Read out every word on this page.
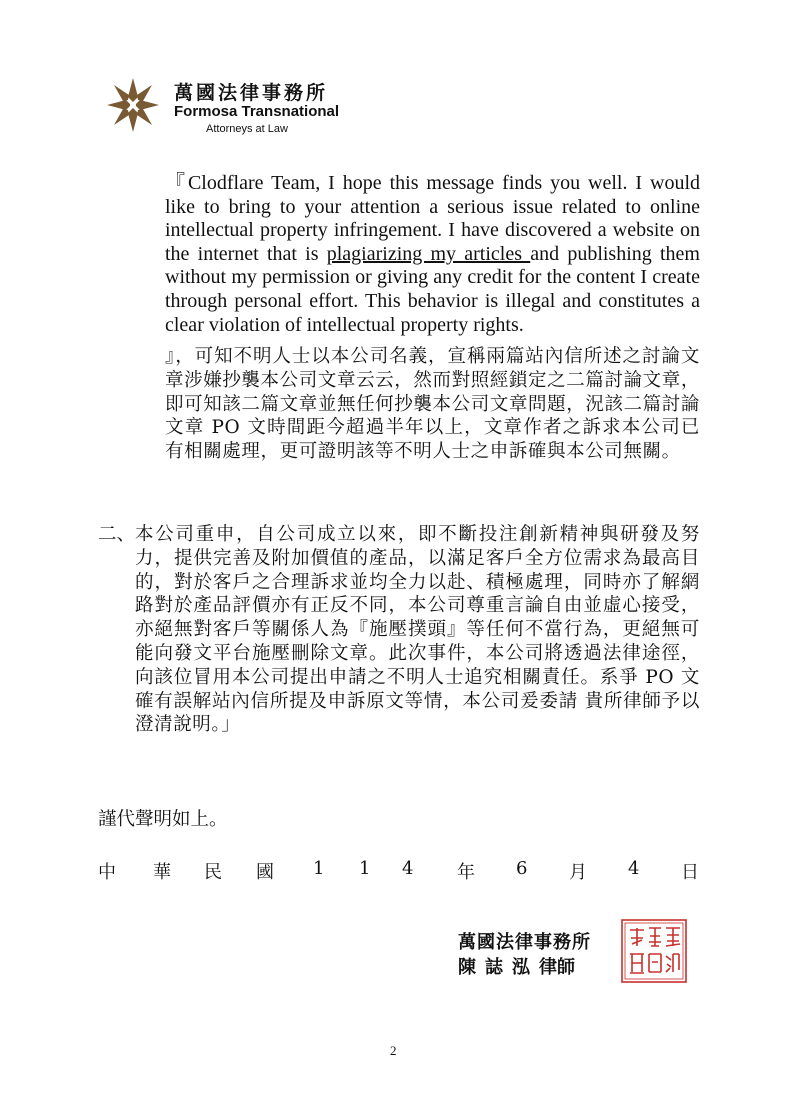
萬國法律事務所
Formosa Transnational
Attorneys at Law
『Clodflare Team, I hope this message finds you well. I would like to bring to your attention a serious issue related to online intellectual property infringement. I have discovered a website on the internet that is plagiarizing my articles and publishing them without my permission or giving any credit for the content I create through personal effort. This behavior is illegal and constitutes a clear violation of intellectual property rights.
』，可知不明人士以本公司名義，宣稱兩篇站內信所述之討論文章涉嫌抄襲本公司文章云云，然而對照經鎖定之二篇討論文章，即可知該二篇文章並無任何抄襲本公司文章問題，況該二篇討論文章 PO 文時間距今超過半年以上，文章作者之訴求本公司已有相關處理，更可證明該等不明人士之申訴確與本公司無關。
二、 本公司重申，自公司成立以來，即不斷投注創新精神與研發及努力，提供完善及附加價值的產品，以滿足客戶全方位需求為最高目的，對於客戶之合理訴求並均全力以赴、積極處理，同時亦了解網路對於產品評價亦有正反不同，本公司尊重言論自由並虛心接受，亦絕無對客戶等關係人為『施壓撲頭』等任何不當行為，更絕無可能向發文平台施壓刪除文章。此次事件，本公司將透過法律途徑，向該位冒用本公司提出申請之不明人士追究相關責任。系爭 PO 文確有誤解站內信所提及申訴原文等情，本公司爰委請 貴所律師予以澄清說明。」
謹代聲明如上。
中 華 民 國 1 1 4 年 6 月 4 日
萬國法律事務所
陳 誌 泓 律師
2
